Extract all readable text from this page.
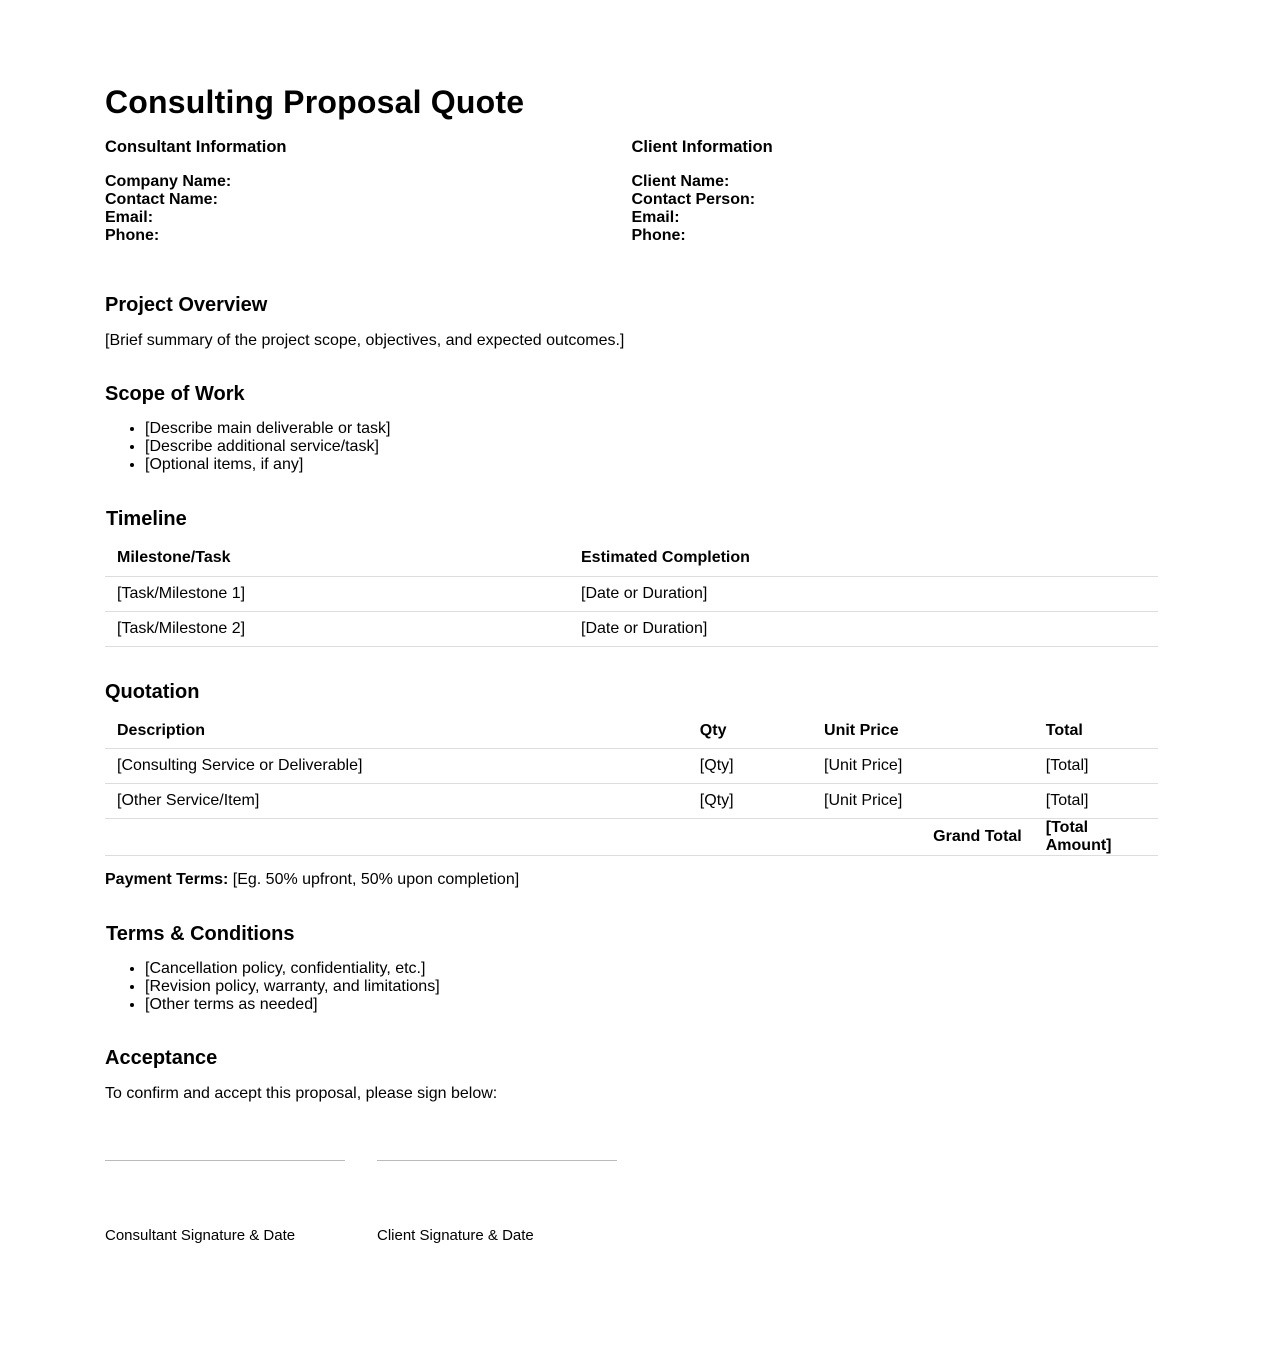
Consulting Proposal Quote
Consultant Information
Company Name:
Contact Name:
Email:
Phone:
Client Information
Client Name:
Contact Person:
Email:
Phone:
Project Overview

[Brief summary of the project scope, objectives, and expected outcomes.]

Scope of Work
• [Describe main deliverable or task]
• [Describe additional service/task]
• [Optional items, if any]
Timeline
Milestone/Task	Estimated Completion
[Task/Milestone 1]	[Date or Duration]
[Task/Milestone 2]	[Date or Duration]
Quotation
Description	Qty	Unit Price	Total
[Consulting Service or Deliverable]	[Qty]	[Unit Price]	[Total]
[Other Service/Item]	[Qty]	[Unit Price]	[Total]
Grand Total			[Total Amount]

Payment Terms: [Eg. 50% upfront, 50% upon completion]

Terms & Conditions
• [Cancellation policy, confidentiality, etc.]
• [Revision policy, warranty, and limitations]
• [Other terms as needed]
Acceptance

To confirm and accept this proposal, please sign below:

Consultant Signature & Date	Client Signature & Date
